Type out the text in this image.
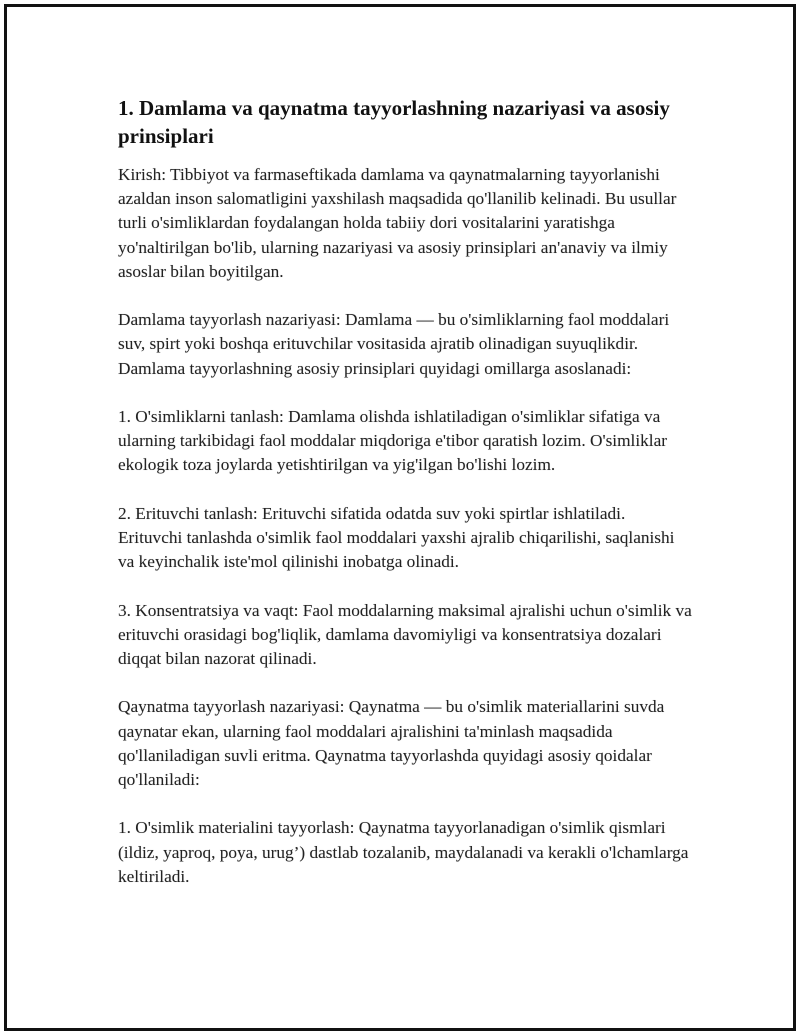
1. Damlama va qaynatma tayyorlashning nazariyasi va asosiy prinsiplari

Kirish: Tibbiyot va farmaseftikada damlama va qaynatmalarning tayyorlanishi azaldan inson salomatligini yaxshilash maqsadida qo'llanilib kelinadi. Bu usullar turli o'simliklardan foydalangan holda tabiiy dori vositalarini yaratishga yo'naltirilgan bo'lib, ularning nazariyasi va asosiy prinsiplari an'anaviy va ilmiy asoslar bilan boyitilgan.

Damlama tayyorlash nazariyasi: Damlama — bu o'simliklarning faol moddalari suv, spirt yoki boshqa erituvchilar vositasida ajratib olinadigan suyuqlikdir. Damlama tayyorlashning asosiy prinsiplari quyidagi omillarga asoslanadi:

1. O'simliklarni tanlash: Damlama olishda ishlatiladigan o'simliklar sifatiga va ularning tarkibidagi faol moddalar miqdoriga e'tibor qaratish lozim. O'simliklar ekologik toza joylarda yetishtirilgan va yig'ilgan bo'lishi lozim.

2. Erituvchi tanlash: Erituvchi sifatida odatda suv yoki spirtlar ishlatiladi. Erituvchi tanlashda o'simlik faol moddalari yaxshi ajralib chiqarilishi, saqlanishi va keyinchalik iste'mol qilinishi inobatga olinadi.

3. Konsentratsiya va vaqt: Faol moddalarning maksimal ajralishi uchun o'simlik va erituvchi orasidagi bog'liqlik, damlama davomiyligi va konsentratsiya dozalari diqqat bilan nazorat qilinadi.

Qaynatma tayyorlash nazariyasi: Qaynatma — bu o'simlik materiallarini suvda qaynatar ekan, ularning faol moddalari ajralishini ta'minlash maqsadida qo'llaniladigan suvli eritma. Qaynatma tayyorlashda quyidagi asosiy qoidalar qo'llaniladi:

1. O'simlik materialini tayyorlash: Qaynatma tayyorlanadigan o'simlik qismlari (ildiz, yaproq, poya, urug’) dastlab tozalanib, maydalanadi va kerakli o'lchamlarga keltiriladi.
